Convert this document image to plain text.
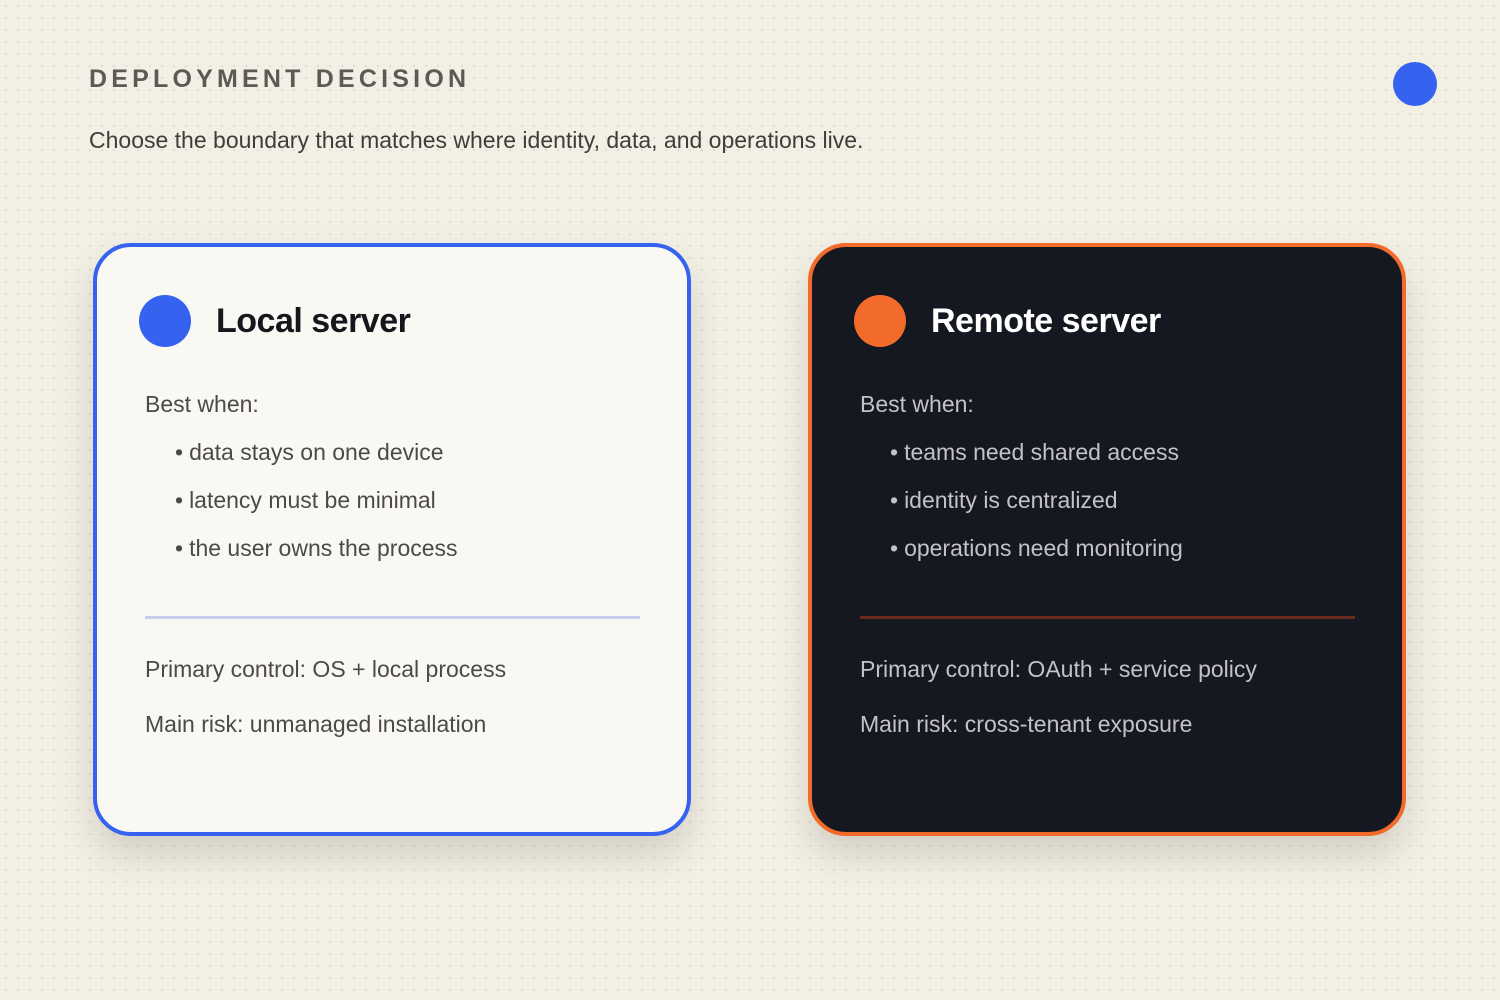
DEPLOYMENT DECISION

Choose the boundary that matches where identity, data, and operations live.

Local server

Best when:

• data stays on one device
• latency must be minimal
• the user owns the process

Primary control: OS + local process

Main risk: unmanaged installation

Remote server

Best when:

• teams need shared access
• identity is centralized
• operations need monitoring

Primary control: OAuth + service policy

Main risk: cross-tenant exposure
